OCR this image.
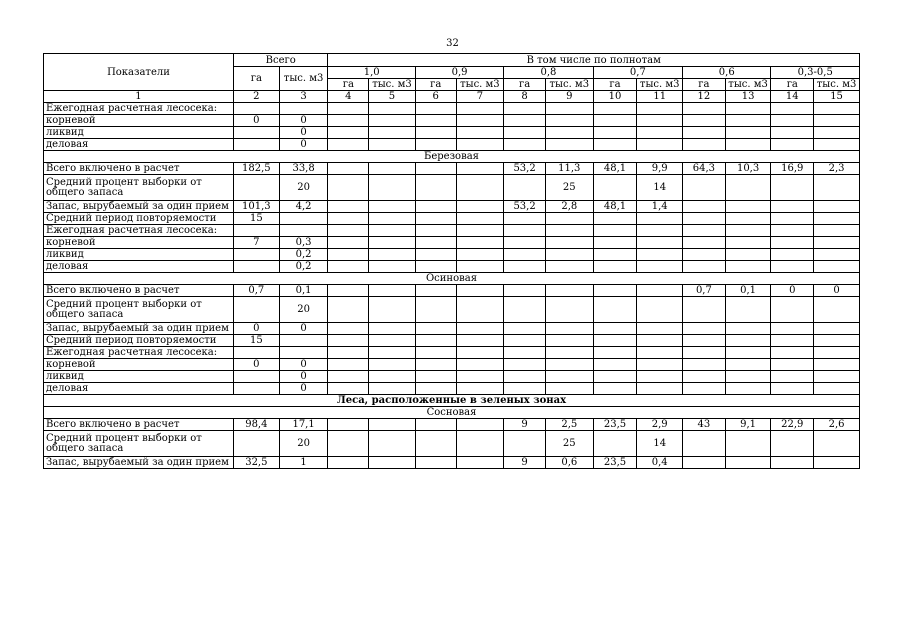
32
Показатели	Всего		В том числе по полнотам											
	га	тыс. м3	1,0		0,9		0,8		0,7		0,6		0,3-0,5	
			га	тыс. м3	га	тыс. м3	га	тыс. м3	га	тыс. м3	га	тыс. м3	га	тыс. м3
1	2	3	4	5	6	7	8	9	10	11	12	13	14	15
Ежегодная расчетная лесосека:														
корневой	0	0												
ликвид		0												
деловая		0												
Березовая														
Всего включено в расчет	182,5	33,8					53,2	11,3	48,1	9,9	64,3	10,3	16,9	2,3
Средний процент выборки от общего запаса		20						25		14				
Запас, вырубаемый за один прием	101,3	4,2					53,2	2,8	48,1	1,4				
Средний период повторяемости	15													
Ежегодная расчетная лесосека:														
корневой	7	0,3												
ликвид		0,2												
деловая		0,2												
Осиновая														
Всего включено в расчет	0,7	0,1									0,7	0,1	0	0
Средний процент выборки от общего запаса		20												
Запас, вырубаемый за один прием	0	0												
Средний период повторяемости	15													
Ежегодная расчетная лесосека:														
корневой	0	0												
ликвид		0												
деловая		0												
Леса, расположенные в зеленых зонах														
Сосновая														
Всего включено в расчет	98,4	17,1					9	2,5	23,5	2,9	43	9,1	22,9	2,6
Средний процент выборки от общего запаса		20						25		14				
Запас, вырубаемый за один прием	32,5	1					9	0,6	23,5	0,4				
